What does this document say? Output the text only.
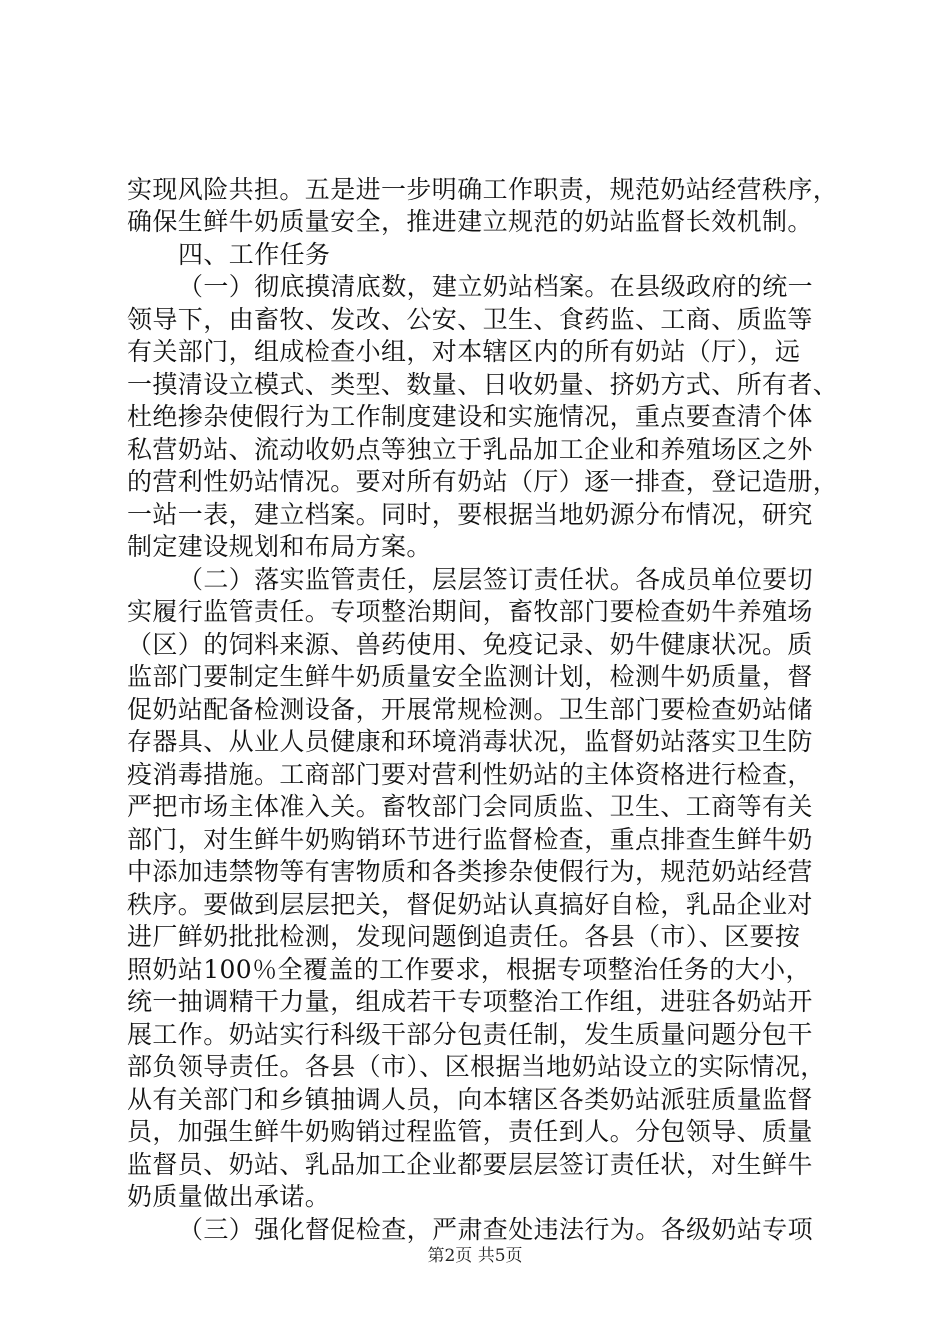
实现风险共担。五是进一步明确工作职责，规范奶站经营秩序，
确保生鲜牛奶质量安全，推进建立规范的奶站监督长效机制。
四、工作任务
（一）彻底摸清底数，建立奶站档案。在县级政府的统一
领导下，由畜牧、发改、公安、卫生、食药监、工商、质监等
有关部门，组成检查小组，对本辖区内的所有奶站（厅），远
一摸清设立模式、类型、数量、日收奶量、挤奶方式、所有者、
杜绝掺杂使假行为工作制度建设和实施情况，重点要查清个体
私营奶站、流动收奶点等独立于乳品加工企业和养殖场区之外
的营利性奶站情况。要对所有奶站（厅）逐一排查，登记造册，
一站一表，建立档案。同时，要根据当地奶源分布情况，研究
制定建设规划和布局方案。
（二）落实监管责任，层层签订责任状。各成员单位要切
实履行监管责任。专项整治期间，畜牧部门要检查奶牛养殖场
（区）的饲料来源、兽药使用、免疫记录、奶牛健康状况。质
监部门要制定生鲜牛奶质量安全监测计划，检测牛奶质量，督
促奶站配备检测设备，开展常规检测。卫生部门要检查奶站储
存器具、从业人员健康和环境消毒状况，监督奶站落实卫生防
疫消毒措施。工商部门要对营利性奶站的主体资格进行检查，
严把市场主体准入关。畜牧部门会同质监、卫生、工商等有关
部门，对生鲜牛奶购销环节进行监督检查，重点排查生鲜牛奶
中添加违禁物等有害物质和各类掺杂使假行为，规范奶站经营
秩序。要做到层层把关，督促奶站认真搞好自检，乳品企业对
进厂鲜奶批批检测，发现问题倒追责任。各县（市）、区要按
照奶站100％全覆盖的工作要求，根据专项整治任务的大小，
统一抽调精干力量，组成若干专项整治工作组，进驻各奶站开
展工作。奶站实行科级干部分包责任制，发生质量问题分包干
部负领导责任。各县（市）、区根据当地奶站设立的实际情况，
从有关部门和乡镇抽调人员，向本辖区各类奶站派驻质量监督
员，加强生鲜牛奶购销过程监管，责任到人。分包领导、质量
监督员、奶站、乳品加工企业都要层层签订责任状，对生鲜牛
奶质量做出承诺。
（三）强化督促检查，严肃查处违法行为。各级奶站专项
第2页 共5页
